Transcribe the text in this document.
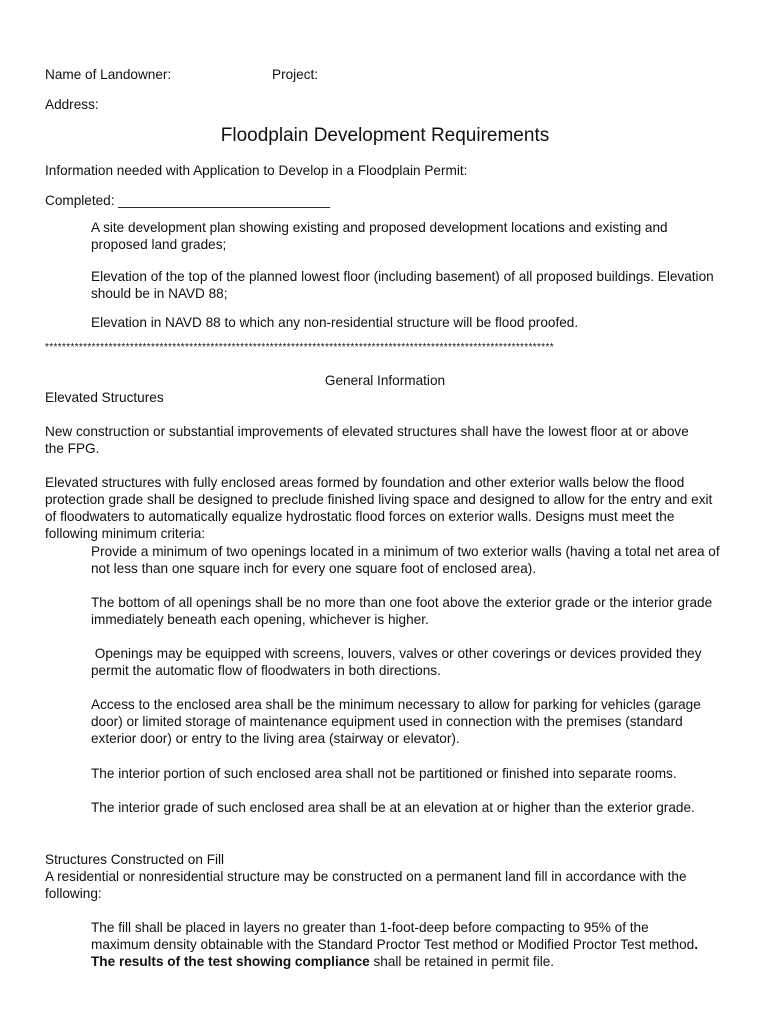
Name of Landowner:	Project:
Address:
Floodplain Development Requirements
Information needed with Application to Develop in a Floodplain Permit:
Completed: ____________________________
A site development plan showing existing and proposed development locations and existing and proposed land grades;
Elevation of the top of the planned lowest floor (including basement) of all proposed buildings. Elevation should be in NAVD 88;
Elevation in NAVD 88 to which any non-residential structure will be flood proofed.
************************************************************************************************************************
General Information
Elevated Structures
New construction or substantial improvements of elevated structures shall have the lowest floor at or above the FPG.
Elevated structures with fully enclosed areas formed by foundation and other exterior walls below the flood protection grade shall be designed to preclude finished living space and designed to allow for the entry and exit of floodwaters to automatically equalize hydrostatic flood forces on exterior walls. Designs must meet the following minimum criteria:
Provide a minimum of two openings located in a minimum of two exterior walls (having a total net area of not less than one square inch for every one square foot of enclosed area).
The bottom of all openings shall be no more than one foot above the exterior grade or the interior grade immediately beneath each opening, whichever is higher.
Openings may be equipped with screens, louvers, valves or other coverings or devices provided they permit the automatic flow of floodwaters in both directions.
Access to the enclosed area shall be the minimum necessary to allow for parking for vehicles (garage door) or limited storage of maintenance equipment used in connection with the premises (standard exterior door) or entry to the living area (stairway or elevator).
The interior portion of such enclosed area shall not be partitioned or finished into separate rooms.
The interior grade of such enclosed area shall be at an elevation at or higher than the exterior grade.
Structures Constructed on Fill
A residential or nonresidential structure may be constructed on a permanent land fill in accordance with the following:
The fill shall be placed in layers no greater than 1-foot-deep before compacting to 95% of the maximum density obtainable with the Standard Proctor Test method or Modified Proctor Test method. The results of the test showing compliance shall be retained in permit file.
